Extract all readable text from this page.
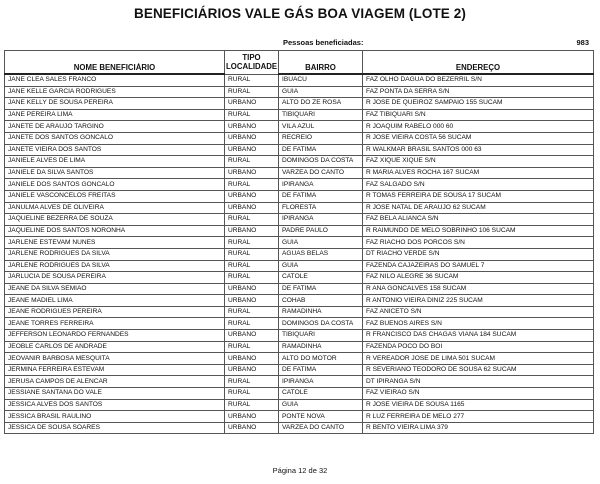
BENEFICIÁRIOS VALE GÁS BOA VIAGEM (LOTE 2)
Pessoas beneficiadas:	983
	TIPO LOCALIDADE		
NOME BENEFICIÁRIO		BAIRRO	ENDEREÇO
JANE CLEA SALES FRANCO	RURAL	IBUACU	FAZ OLHO DAGUA DO BEZERRIL S/N
JANE KELLE GARCIA RODRIGUES	RURAL	GUIA	FAZ PONTA DA SERRA S/N
JANE KELLY DE SOUSA PEREIRA	URBANO	ALTO DO ZE ROSA	R JOSE DE QUEIROZ SAMPAIO 155 SUCAM
JANE PEREIRA LIMA	RURAL	TIBIQUARI	FAZ TIBIQUARI S/N
JANETE DE ARAUJO TARGINO	URBANO	VILA AZUL	R JOAQUIM RABELO 000 60
JANETE DOS SANTOS GONCALO	URBANO	RECREIO	R JOSE VIEIRA COSTA 56 SUCAM
JANETE VIEIRA DOS SANTOS	URBANO	DE FATIMA	R WALKMAR BRASIL SANTOS 000 63
JANIELE ALVES DE LIMA	RURAL	DOMINGOS DA COSTA	FAZ XIQUE XIQUE S/N
JANIELE DA SILVA SANTOS	URBANO	VARZEA DO CANTO	R MARIA ALVES ROCHA 167 SUCAM
JANIELE DOS SANTOS GONCALO	RURAL	IPIRANGA	FAZ SALGADO S/N
JANIELE VASCONCELOS FREITAS	URBANO	DE FATIMA	R TOMAS FERREIRA DE SOUSA 17 SUCAM
JANULMA ALVES DE OLIVEIRA	URBANO	FLORESTA	R JOSE NATAL DE ARAUJO 62 SUCAM
JAQUELINE BEZERRA DE SOUZA	RURAL	IPIRANGA	FAZ BELA ALIANCA S/N
JAQUELINE DOS SANTOS NORONHA	URBANO	PADRE PAULO	R RAIMUNDO DE MELO SOBRINHO 106 SUCAM
JARLENE ESTEVAM NUNES	RURAL	GUIA	FAZ RIACHO DOS PORCOS S/N
JARLENE RODRIGUES DA SILVA	RURAL	AGUAS BELAS	DT RIACHO VERDE S/N
JARLENE RODRIGUES DA SILVA	RURAL	GUIA	FAZENDA CAJAZEIRAS DO SAMUEL 7
JARLUCIA DE SOUSA PEREIRA	RURAL	CATOLE	FAZ NILO ALEGRE 36 SUCAM
JEANE DA SILVA SEMIAO	URBANO	DE FATIMA	R ANA GONCALVES 158 SUCAM
JEANE MADIEL LIMA	URBANO	COHAB	R ANTONIO VIEIRA DINIZ 225 SUCAM
JEANE RODRIGUES PEREIRA	RURAL	RAMADINHA	FAZ ANICETO S/N
JEANE TORRES FERREIRA	RURAL	DOMINGOS DA COSTA	FAZ BUENOS AIRES S/N
JEFFERSON LEONARDO FERNANDES	URBANO	TIBIQUARI	R FRANCISCO DAS CHAGAS VIANA 184 SUCAM
JEOBLE CARLOS DE ANDRADE	RURAL	RAMADINHA	FAZENDA POCO DO BOI
JEOVANIR BARBOSA MESQUITA	URBANO	ALTO DO MOTOR	R VEREADOR JOSE DE LIMA 501 SUCAM
JERMINA FERREIRA ESTEVAM	URBANO	DE FATIMA	R SEVERIANO TEODORO DE SOUSA 62 SUCAM
JERUSA CAMPOS DE ALENCAR	RURAL	IPIRANGA	DT IPIRANGA S/N
JESSIANE SANTANA DO VALE	RURAL	CATOLE	FAZ VIEIRAO S/N
JESSICA ALVES DOS SANTOS	RURAL	GUIA	R JOSE VIEIRA DE SOUSA 1165
JESSICA BRASIL RAULINO	URBANO	PONTE NOVA	R LUZ FERREIRA DE MELO 277
JESSICA DE SOUSA SOARES	URBANO	VARZEA DO CANTO	R BENTO VIEIRA LIMA 379
Página 12 de 32
